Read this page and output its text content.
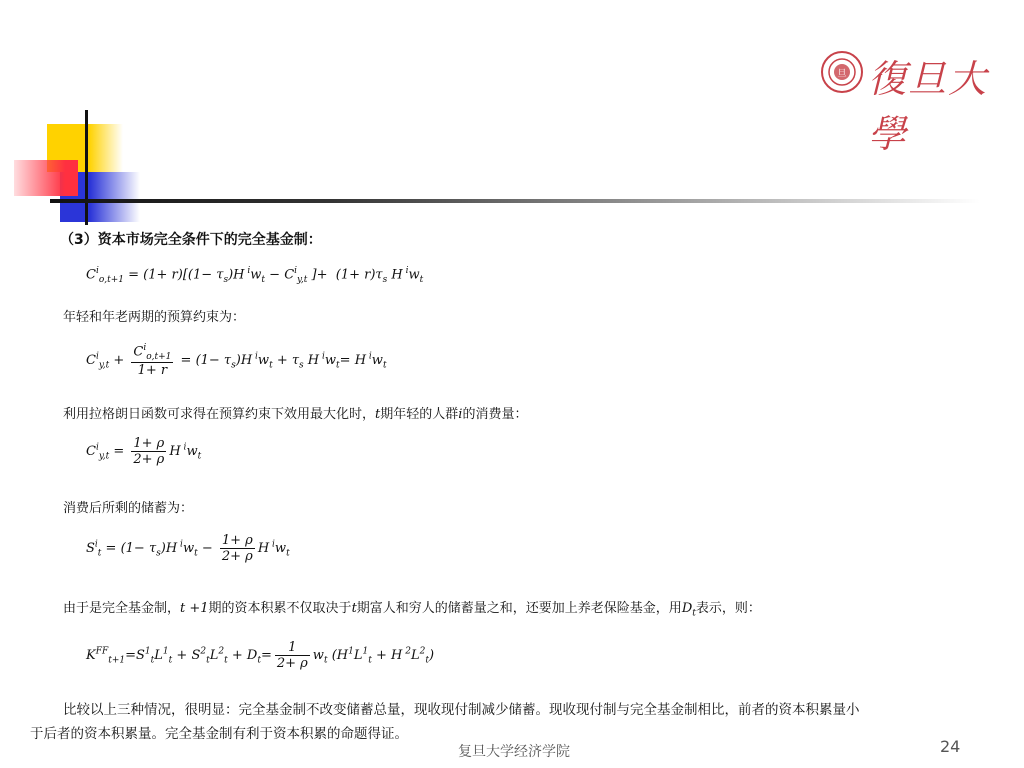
旦 復旦大學
（3）资本市场完全条件下的完全基金制：
$C^i_{o,t+1} = (1+ r)[(1- \tau_s)H$ $^iw_t - C^i_{y,t}$ ]+  $(1+ r)\tau_s$ H $^iw_t$
年轻和年老两期的预算约束为：
$C^i_{y,t} + \frac{C^i_{o,t+1}}{1+ r} = (1- \tau_s)H$ $^iw_t + \tau_s$ H $^iw_t= H$ $^iw_t$
利用拉格朗日函数可求得在预算约束下效用最大化时，t期年轻的人群i的消费量：
$C^i_{y,t} = \frac{1+ \rho}{2+ \rho}$ H $^iw_t$
消费后所剩的储蓄为：
$S^i_t = (1- \tau_s)H$ $^iw_t - \frac{1+ \rho}{2+ \rho}$ H $^iw_t$
由于是完全基金制，t +1期的资本积累不仅取决于t期富人和穷人的储蓄量之和，还要加上养老保险基金，用$D_t$表示，则：
$K^{FF}_{t+1}=S^1_tL^1_t + S^2_tL^2_t + D_t= \frac{1}{2+ \rho} w_t$ ($H^1L^1_t + H$ $^2L^2_t$)
比较以上三种情况，很明显：完全基金制不改变储蓄总量，现收现付制减少储蓄。现收现付制与完全基金制相比，前者的资本积累量小
于后者的资本积累量。完全基金制有利于资本积累的命题得证。
复旦大学经济学院	24
